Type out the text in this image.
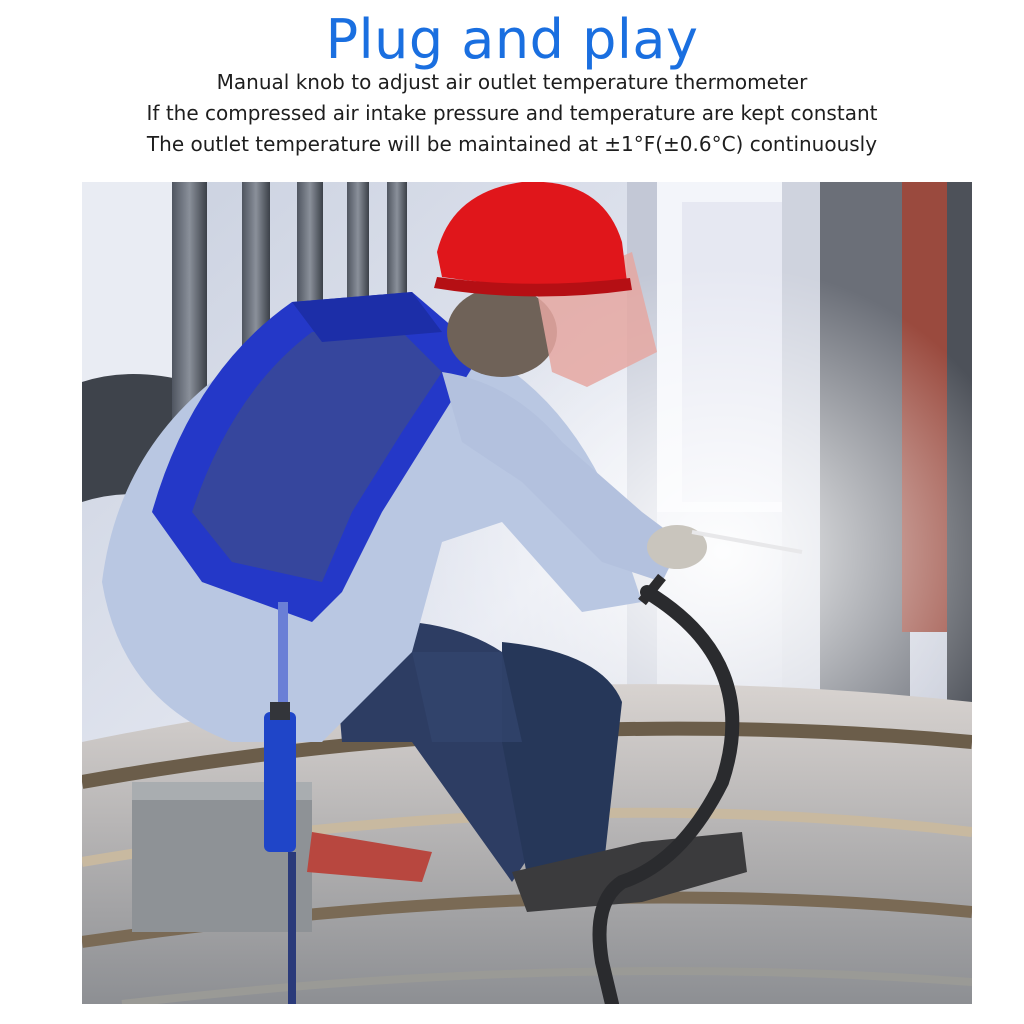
Plug and play
Manual knob to adjust air outlet temperature thermometer
If the compressed air intake pressure and temperature are kept constant
The outlet temperature will be maintained at ±1°F(±0.6°C) continuously
